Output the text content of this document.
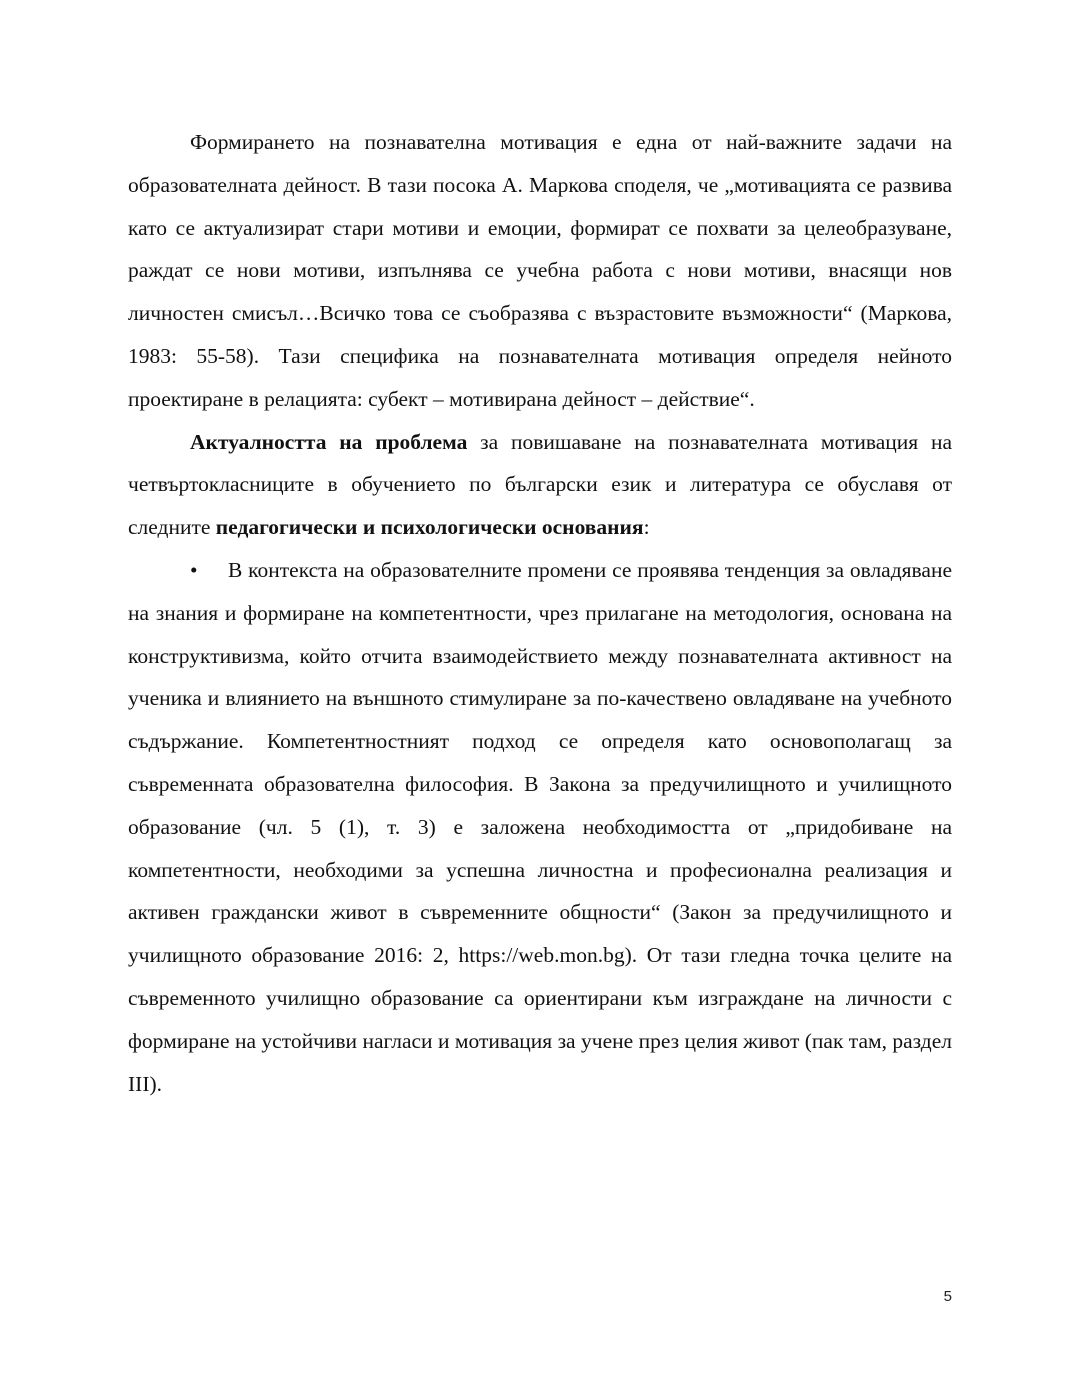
Формирането на познавателна мотивация е една от най-важните задачи на образователната дейност. В тази посока А. Маркова споделя, че „мотивацията се развива като се актуализират стари мотиви и емоции, формират се похвати за целеобразуване, раждат се нови мотиви, изпълнява се учебна работа с нови мотиви, внасящи нов личностен смисъл…Всичко това се съобразява с възрастовите възможности“ (Маркова, 1983: 55-58). Тази специфика на познавателната мотивация определя нейното проектиране в релацията: субект – мотивирана дейност – действие“.

Актуалността на проблема за повишаване на познавателната мотивация на четвъртокласниците в обучението по български език и литература се обуславя от следните педагогически и психологически основания:

• В контекста на образователните промени се проявява тенденция за овладяване на знания и формиране на компетентности, чрез прилагане на методология, основана на конструктивизма, който отчита взаимодействието между познавателната активност на ученика и влиянието на външното стимулиране за по-качествено овладяване на учебното съдържание. Компетентностният подход се определя като основополагащ за съвременната образователна философия. В Закона за предучилищното и училищното образование (чл. 5 (1), т. 3) е заложена необходимостта от „придобиване на компетентности, необходими за успешна личностна и професионална реализация и активен граждански живот в съвременните общности“ (Закон за предучилищното и училищното образование 2016: 2, https://web.mon.bg). От тази гледна точка целите на съвременното училищно образование са ориентирани към изграждане на личности с формиране на устойчиви нагласи и мотивация за учене през целия живот (пак там, раздел III).

5
